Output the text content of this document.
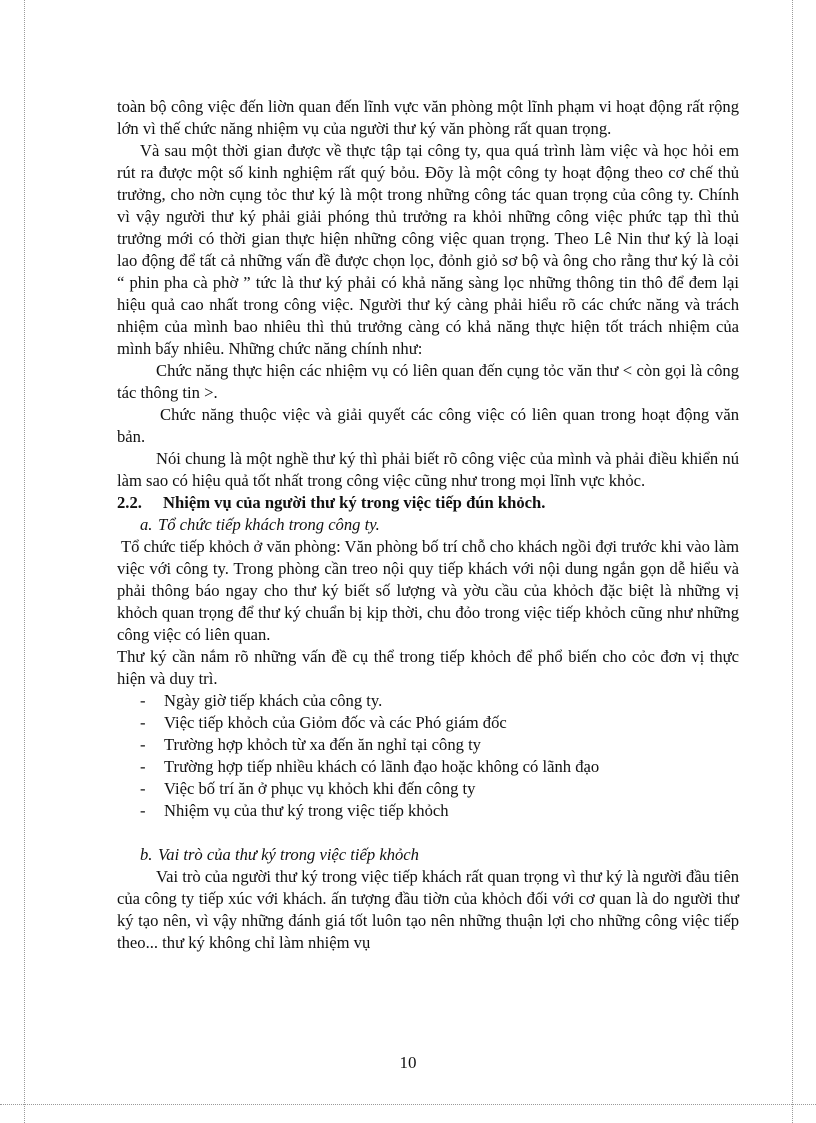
toàn bộ công việc đến liờn quan đến lĩnh vực văn phòng một lĩnh phạm vi hoạt động rất rộng lớn vì thế chức năng nhiệm vụ của người thư ký văn phòng rất quan trọng.

Và sau một thời gian được về thực tập tại công ty, qua quá trình làm việc và học hỏi em rút ra được một số kinh nghiệm rất quý bỏu. Đõy là một công ty hoạt động theo cơ chế thủ trưởng, cho nờn cụng tỏc thư ký là một trong những công tác quan trọng của công ty. Chính vì vậy người thư ký phải giải phóng thủ trưởng ra khỏi những công việc phức tạp thì thủ trưởng mới có thời gian thực hiện những công việc quan trọng. Theo Lê Nin thư ký là loại lao động để tất cả những vấn đề được chọn lọc, đỏnh giỏ sơ bộ và ông cho rằng thư ký là cỏi “ phin pha cà phờ ” tức là thư ký phải có khả năng sàng lọc những thông tin thô để đem lại hiệu quả cao nhất trong công việc. Người thư ký càng phải hiểu rõ các chức năng và trách nhiệm của mình bao nhiêu thì thủ trưởng càng có khả năng thực hiện tốt trách nhiệm của mình bấy nhiêu. Những chức năng chính như:

Chức năng thực hiện các nhiệm vụ có liên quan đến cụng tỏc văn thư < còn gọi là công tác thông tin >.

Chức năng thuộc việc và giải quyết các công việc có liên quan trong hoạt động văn bản.

Nói chung là một nghề thư ký thì phải biết rõ công việc của mình và phải điều khiển nú làm sao có hiệu quả tốt nhất trong công việc cũng như trong mọi lĩnh vực khỏc.

2.2.	Nhiệm vụ của người thư ký trong việc tiếp đún khỏch.
a. Tổ chức tiếp khách trong công ty.

Tổ chức tiếp khỏch ở văn phòng: Văn phòng bố trí chỗ cho khách ngồi đợi trước khi vào làm việc với công ty. Trong phòng cần treo nội quy tiếp khách với nội dung ngắn gọn dễ hiểu và phải thông báo ngay cho thư ký biết số lượng và yờu cầu của khỏch đặc biệt là những vị khỏch quan trọng để thư ký chuẩn bị kịp thời, chu đỏo trong việc tiếp khỏch cũng như những công việc có liên quan.

Thư ký cần nắm rõ những vấn đề cụ thể trong tiếp khỏch để phổ biến cho cỏc đơn vị thực hiện và duy trì.

- Ngày giờ tiếp khách của công ty.
- Việc tiếp khỏch của Giỏm đốc và các Phó giám đốc
- Trường hợp khỏch từ xa đến ăn nghỉ tại công ty
- Trường hợp tiếp nhiều khách có lãnh đạo hoặc không có lãnh đạo
- Việc bố trí ăn ở phục vụ khỏch khi đến công ty
- Nhiệm vụ của thư ký trong việc tiếp khỏch
b. Vai trò của thư ký trong việc tiếp khỏch

Vai trò của người thư ký trong việc tiếp khách rất quan trọng vì thư ký là người đầu tiên của công ty tiếp xúc với khách. ấn tượng đầu tiờn của khỏch đối với cơ quan là do người thư ký tạo nên, vì vậy những đánh giá tốt luôn tạo nên những thuận lợi cho những công việc tiếp theo... thư ký không chỉ làm nhiệm vụ

10
